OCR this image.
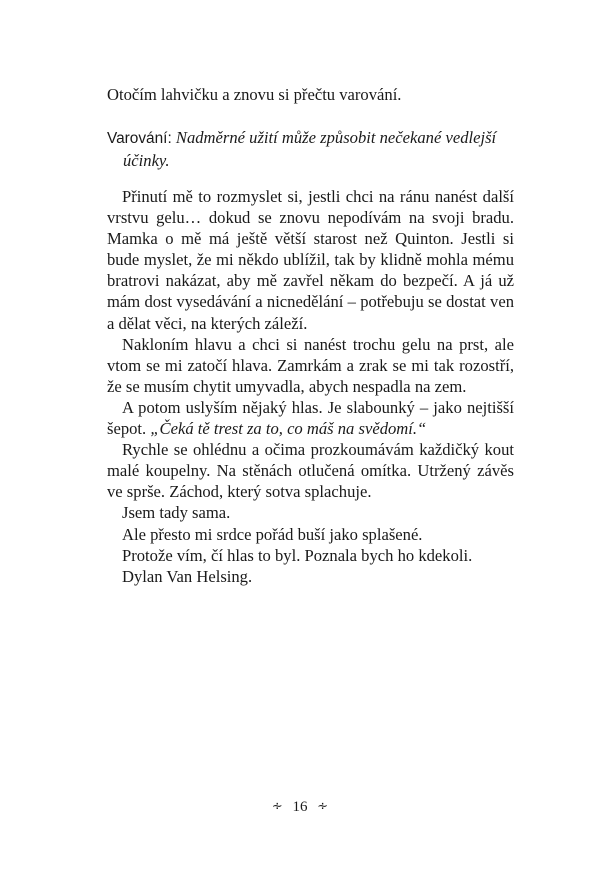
Otočím lahvičku a znovu si přečtu varování.

Varování: Nadměrné užití může způsobit nečekané vedlejší účinky.

Přinutí mě to rozmyslet si, jestli chci na ránu nanést další vrstvu gelu… dokud se znovu nepodívám na svoji bradu. Mamka o mě má ještě větší starost než Quinton. Jestli si bude myslet, že mi někdo ublížil, tak by klidně mohla mému bratrovi nakázat, aby mě zavřel někam do bezpečí. A já už mám dost vysedávání a nicnedělání – potřebuju se dostat ven a dělat věci, na kterých záleží.

Nakloním hlavu a chci si nanést trochu gelu na prst, ale vtom se mi zatočí hlava. Zamrkám a zrak se mi tak rozostří, že se musím chytit umyvadla, abych nespadla na zem.

A potom uslyším nějaký hlas. Je slabounký – jako nejtišší šepot. „Čeká tě trest za to, co máš na svědomí.“

Rychle se ohlédnu a očima prozkoumávám každičký kout malé koupelny. Na stěnách otlučená omítka. Utržený závěs ve sprše. Záchod, který sotva splachuje.

Jsem tady sama.

Ale přesto mi srdce pořád buší jako splašené.

Protože vím, čí hlas to byl. Poznala bych ho kdekoli.

Dylan Van Helsing.

∻ 16 ∻
